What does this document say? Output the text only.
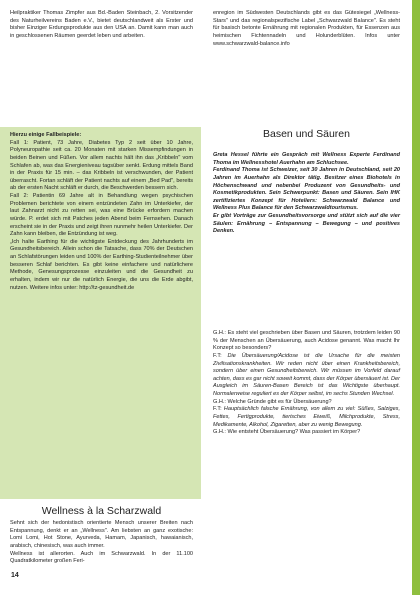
Heilpraktiker Thomas Zimpfer aus Bd.-Baden Steinbach, 2. Vorsitzender des Naturheilvereins Baden e.V., bietet deutschlandweit als Erster und bisher Einziger Erdungsprodukte aus den USA an. Damit kann man auch in geschlossenen Räumen geerdet leben und arbeiten.

Hierzu einige Fallbeispiele:

Fall 1: Patient, 73 Jahre, Diabetes Typ 2 seit über 10 Jahre, Polyneuropathie seit ca. 20 Monaten mit starken Missempfindungen in beiden Beinen und Füßen. Vor allem nachts hält ihn das „Kribbeln" vom Schlafen ab, was das Energieniveau tagsüber senkt. Erdung mittels Band in der Praxis für 15 min. – das Kribbeln ist verschwunden, der Patient überrascht. Fortan schläft der Patient nachts auf einem „Bed Pad", bereits ab der ersten Nacht schläft er durch, die Beschwerden bessern sich.

Fall 2: Patientin 69 Jahre alt in Behandlung wegen psychischen Problemen berichtete von einem entzündeten Zahn im Unterkiefer, der laut Zahnarzt nicht zu retten sei, was eine Brücke erfordern machen würde. P. erdet sich mit Patches jeden Abend beim Fernsehen. Danach erscheint sie in der Praxis und zeigt ihren nunmehr heilen Unterkiefer. Der Zahn kann bleiben, die Entzündung ist weg.

„Ich halte Earthing für die wichtigste Entdeckung des Jahrhunderts im Gesundheitsbereich. Allein schon die Tatsache, dass 70% der Deutschen an Schlafstörungen leiden und 100% der Earthing-Studienteilnehmer über besseren Schlaf berichten. Es gibt keine einfachere und natürlichere Methode, Genesungsprozesse einzuleiten und die Gesundheit zu erhalten, indem wir nur die natürlich Energie, die uns die Erde abgibt, nutzen. Weitere infos unter: http://tz-gesundheit.de

Wellness à la Scharzwald

Sehnt sich der hedonistisch orientierte Mensch unserer Breiten nach Entspannung, denkt er an „Wellness". Am liebsten an ganz exotische: Lomi Lomi, Hot Stone, Ayurveda, Hamam, Japanisch, hawaianisch, arabisch, chinesisch, was auch immer.

Wellness ist allerorten. Auch im Schwarzwald. In der 11.100 Quadratkilometer großen Feri-

enregion im Südwesten Deutschlands gibt es das Gütesiegel „Wellness-Stars" und das regionalspezifische Label „Schwarzwald Balance". Es steht für basisch betonte Ernährung mit regionalen Produkten, für Essenzen aus heimischen Fichtennadeln und Holunderblüten. Infos unter www.schwarzwald-balance.info

Basen und Säuren

Greta Hessel führte ein Gespräch mit Wellness Experte Ferdinand Thoma im Wellnesshotel Auerhahn am Schluchsee.

Ferdinand Thoma ist Schweizer, seit 30 Jahren in Deutschland, seit 20 Jahren im Auerhahn als Direktor tätig. Besitzer eines Biohotels in Höchenschwand und nebenbei Produzent von Gesundheits- und Kosmetikprodukten. Sein Schwerpunkt: Basen und Säuren. Sein IHK zertifiziertes Konzept für Hoteliers: Schwarzwald Balance und Wellness Plus Balance für den Schwarzwaldtourismus.

Er gibt Vorträge zur Gesundheitsvorsorge und stützt sich auf die vier Säulen: Ernährung – Entspannung – Bewegung – und positives Denken.

G.H.: Es steht viel geschrieben über Basen und Säuren, trotzdem leiden 90 % der Menschen an Übersäuerung, auch Acidose genannt. Was macht Ihr Konzept so besonders?

F.T: Die Übersäuerung/Acidose ist die Ursache für die meisten Zivilisationskrankheiten. Wir reden nicht über einen Krankheitsbereich, sondern über einen Gesundheitsbereich. Wir müssen im Vorfeld darauf achten, dass es gar nicht soweit kommt, dass der Körper übersäuert ist. Der Ausgleich im Säuren-Basen Bereich ist das Wichtigste überhaupt. Normalerweise reguliert es der Körper selbst, im sechs Stunden Wechsel.

G.H.: Welche Gründe gibt es für Übersäuerung?

F.T: Hauptsächlich falsche Ernährung, von allem zu viel: Süßes, Salziges, Fettes, Fertigprodukte, tierisches Eiweiß, Milchprodukte, Stress, Medikamente, Alkohol, Zigaretten, aber zu wenig Bewegung.

G.H.: Wie entsteht Übersäuerung? Was passiert im Körper?

14
